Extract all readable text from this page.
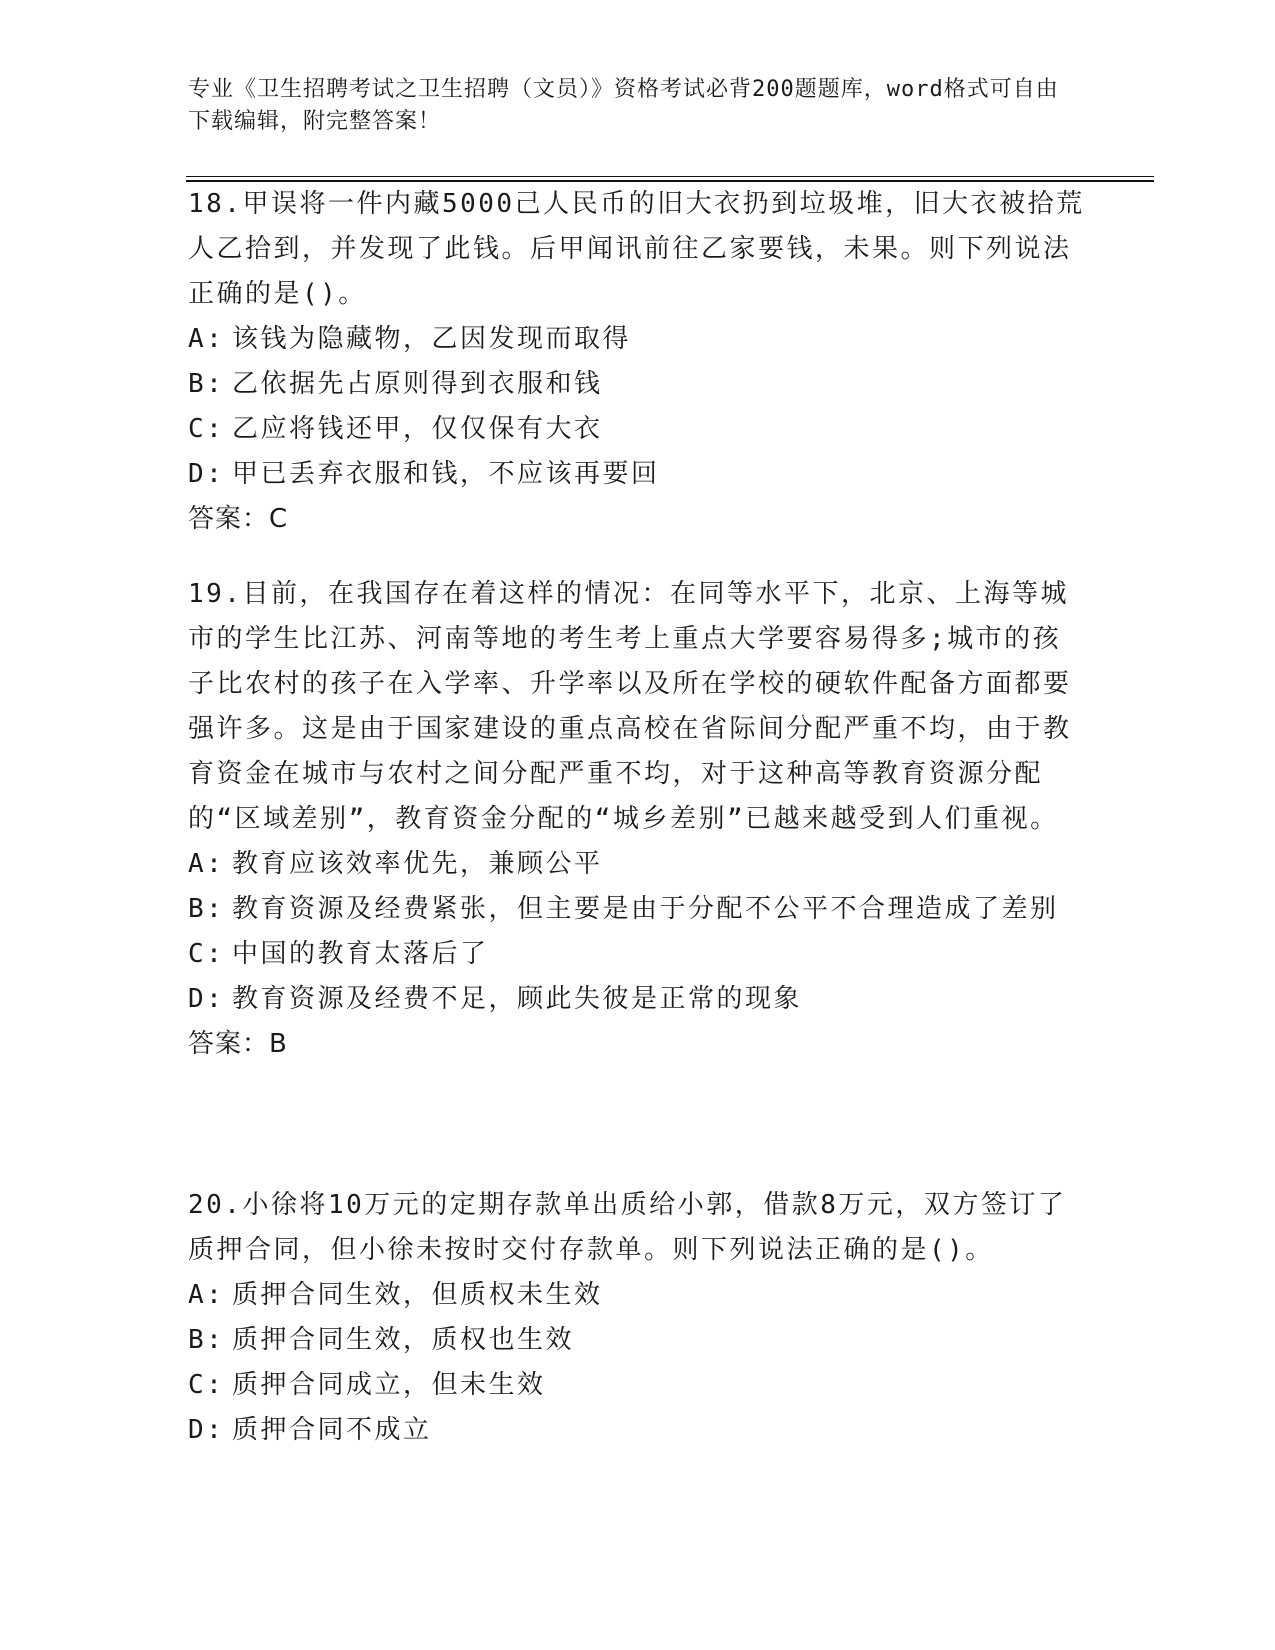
专业《卫生招聘考试之卫生招聘（文员）》资格考试必背200题题库，word格式可自由下载编辑，附完整答案！

18.甲误将一件内藏5000己人民币的旧大衣扔到垃圾堆，旧大衣被拾荒人乙拾到，并发现了此钱。后甲闻讯前往乙家要钱，未果。则下列说法正确的是()。

A: 该钱为隐藏物，乙因发现而取得
B: 乙依据先占原则得到衣服和钱
C: 乙应将钱还甲，仅仅保有大衣
D: 甲已丢弃衣服和钱，不应该再要回

答案：C

19.目前，在我国存在着这样的情况：在同等水平下，北京、上海等城市的学生比江苏、河南等地的考生考上重点大学要容易得多;城市的孩子比农村的孩子在入学率、升学率以及所在学校的硬软件配备方面都要强许多。这是由于国家建设的重点高校在省际间分配严重不均，由于教育资金在城市与农村之间分配严重不均，对于这种高等教育资源分配的“区域差别”，教育资金分配的“城乡差别”已越来越受到人们重视。

A: 教育应该效率优先，兼顾公平
B: 教育资源及经费紧张，但主要是由于分配不公平不合理造成了差别
C: 中国的教育太落后了
D: 教育资源及经费不足，顾此失彼是正常的现象

答案：B

20.小徐将10万元的定期存款单出质给小郭，借款8万元，双方签订了质押合同，但小徐未按时交付存款单。则下列说法正确的是()。

A: 质押合同生效，但质权未生效
B: 质押合同生效，质权也生效
C: 质押合同成立，但未生效
D: 质押合同不成立
